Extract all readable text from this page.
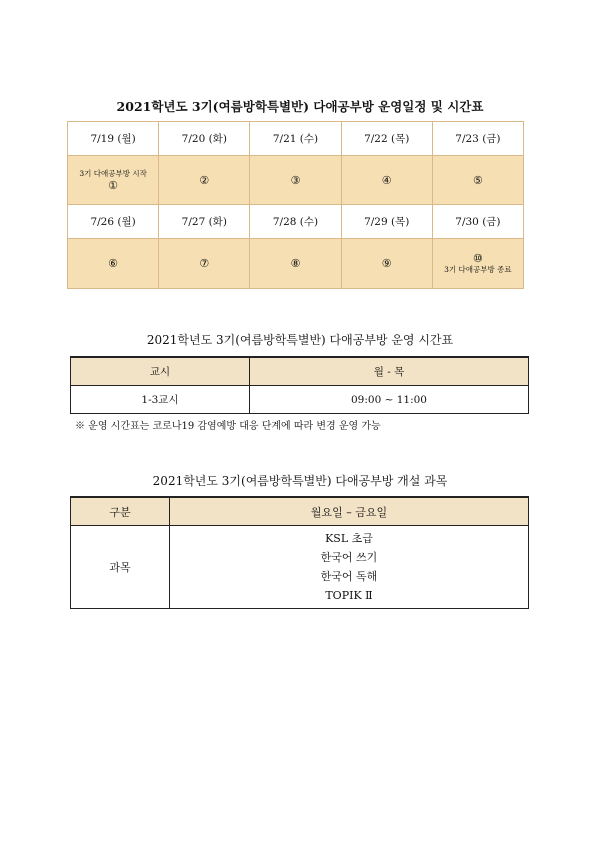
2021학년도 3기(여름방학특별반) 다애공부방 운영일정 및 시간표
7/19 (월)	7/20 (화)	7/21 (수)	7/22 (목)	7/23 (금)
3기 다애공부방 시작
①	②	③	④	⑤
7/26 (월)	7/27 (화)	7/28 (수)	7/29 (목)	7/30 (금)
⑥	⑦	⑧	⑨	⑩
3기 다애공부방 종료
2021학년도 3기(여름방학특별반) 다애공부방 운영 시간표
교시	월 - 목
1-3교시	09:00 ~ 11:00
※ 운영 시간표는 코로나19 감염예방 대응 단계에 따라 변경 운영 가능
2021학년도 3기(여름방학특별반) 다애공부방 개설 과목
구분	월요일 – 금요일
과목	KSL 초급
한국어 쓰기
한국어 독해
TOPIK Ⅱ
